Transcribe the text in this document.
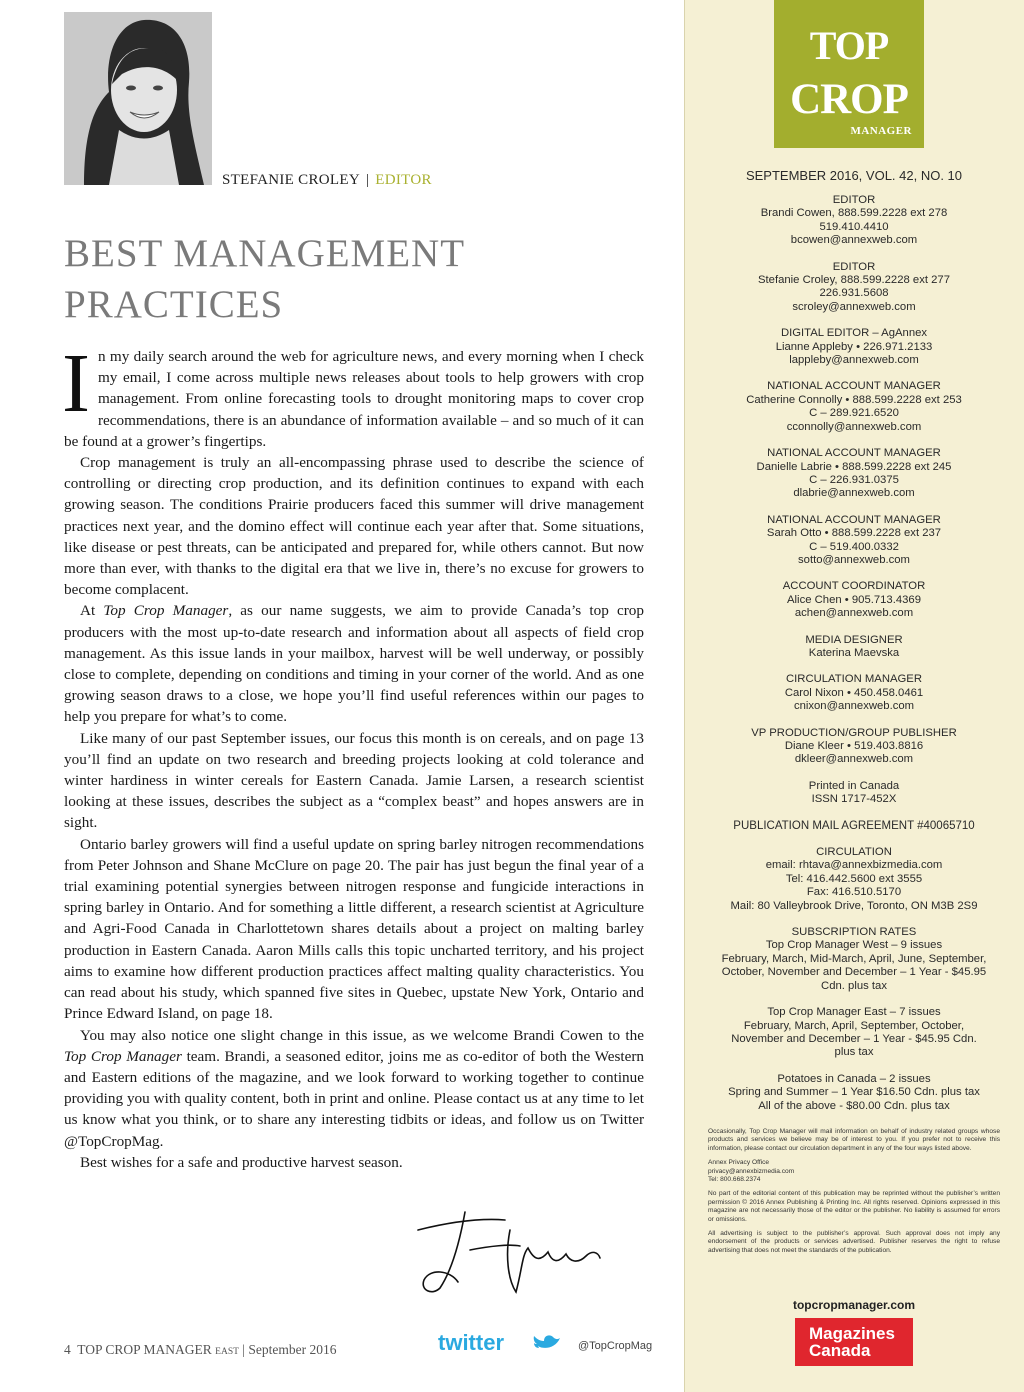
STEFANIE CROLEY | EDITOR
BEST MANAGEMENT
PRACTICES

In my daily search around the web for agriculture news, and every morning when I check my email, I come across multiple news releases about tools to help growers with crop management. From online forecasting tools to drought monitoring maps to cover crop recommendations, there is an abundance of information available – and so much of it can be found at a grower’s fingertips.

Crop management is truly an all-encompassing phrase used to describe the science of controlling or directing crop production, and its definition continues to expand with each growing season. The conditions Prairie producers faced this summer will drive management practices next year, and the domino effect will continue each year after that. Some situations, like disease or pest threats, can be anticipated and prepared for, while others cannot. But now more than ever, with thanks to the digital era that we live in, there’s no excuse for growers to become complacent.

At Top Crop Manager, as our name suggests, we aim to provide Canada’s top crop producers with the most up-to-date research and information about all aspects of field crop management. As this issue lands in your mailbox, harvest will be well underway, or possibly close to complete, depending on conditions and timing in your corner of the world. And as one growing season draws to a close, we hope you’ll find useful references within our pages to help you prepare for what’s to come.

Like many of our past September issues, our focus this month is on cereals, and on page 13 you’ll find an update on two research and breeding projects looking at cold tolerance and winter hardiness in winter cereals for Eastern Canada. Jamie Larsen, a research scientist looking at these issues, describes the subject as a “complex beast” and hopes answers are in sight.

Ontario barley growers will find a useful update on spring barley nitrogen recommendations from Peter Johnson and Shane McClure on page 20. The pair has just begun the final year of a trial examining potential synergies between nitrogen response and fungicide interactions in spring barley in Ontario. And for something a little different, a research scientist at Agriculture and Agri-Food Canada in Charlottetown shares details about a project on malting barley production in Eastern Canada. Aaron Mills calls this topic uncharted territory, and his project aims to examine how different production practices affect malting quality characteristics. You can read about his study, which spanned five sites in Quebec, upstate New York, Ontario and Prince Edward Island, on page 18.

You may also notice one slight change in this issue, as we welcome Brandi Cowen to the Top Crop Manager team. Brandi, a seasoned editor, joins me as co-editor of both the Western and Eastern editions of the magazine, and we look forward to working together to continue providing you with quality content, both in print and online. Please contact us at any time to let us know what you think, or to share any interesting tidbits or ideas, and follow us on Twitter @TopCropMag.

Best wishes for a safe and productive harvest season.

4 TOP CROP MANAGER EAST | September 2016	twitter	@TopCropMag
TOP
CROP
MANAGER
SEPTEMBER 2016, VOL. 42, NO. 10
EDITOR
Brandi Cowen, 888.599.2228 ext 278
519.410.4410
bcowen@annexweb.com
EDITOR
Stefanie Croley, 888.599.2228 ext 277
226.931.5608
scroley@annexweb.com
DIGITAL EDITOR – AgAnnex
Lianne Appleby • 226.971.2133
lappleby@annexweb.com
NATIONAL ACCOUNT MANAGER
Catherine Connolly • 888.599.2228 ext 253
C – 289.921.6520
cconnolly@annexweb.com
NATIONAL ACCOUNT MANAGER
Danielle Labrie • 888.599.2228 ext 245
C – 226.931.0375
dlabrie@annexweb.com
NATIONAL ACCOUNT MANAGER
Sarah Otto • 888.599.2228 ext 237
C – 519.400.0332
sotto@annexweb.com
ACCOUNT COORDINATOR
Alice Chen • 905.713.4369
achen@annexweb.com
MEDIA DESIGNER
Katerina Maevska
CIRCULATION MANAGER
Carol Nixon • 450.458.0461
cnixon@annexweb.com
VP PRODUCTION/GROUP PUBLISHER
Diane Kleer • 519.403.8816
dkleer@annexweb.com
Printed in Canada
ISSN 1717-452X
PUBLICATION MAIL AGREEMENT #40065710
CIRCULATION
email: rhtava@annexbizmedia.com
Tel: 416.442.5600 ext 3555
Fax: 416.510.5170
Mail: 80 Valleybrook Drive, Toronto, ON M3B 2S9
SUBSCRIPTION RATES
Top Crop Manager West – 9 issues
February, March, Mid-March, April, June, September,
October, November and December – 1 Year - $45.95
Cdn. plus tax
Top Crop Manager East – 7 issues
February, March, April, September, October,
November and December – 1 Year - $45.95 Cdn.
plus tax
Potatoes in Canada – 2 issues
Spring and Summer – 1 Year $16.50 Cdn. plus tax
All of the above - $80.00 Cdn. plus tax

Occasionally, Top Crop Manager will mail information on behalf of industry related groups whose products and services we believe may be of interest to you. If you prefer not to receive this information, please contact our circulation department in any of the four ways listed above.

Annex Privacy Office
privacy@annexbizmedia.com
Tel: 800.668.2374

No part of the editorial content of this publication may be reprinted without the publisher’s written permission © 2016 Annex Publishing & Printing Inc. All rights reserved. Opinions expressed in this magazine are not necessarily those of the editor or the publisher. No liability is assumed for errors or omissions.

All advertising is subject to the publisher’s approval. Such approval does not imply any endorsement of the products or services advertised. Publisher reserves the right to refuse advertising that does not meet the standards of the publication.

topcropmanager.com
Magazines
Canada
